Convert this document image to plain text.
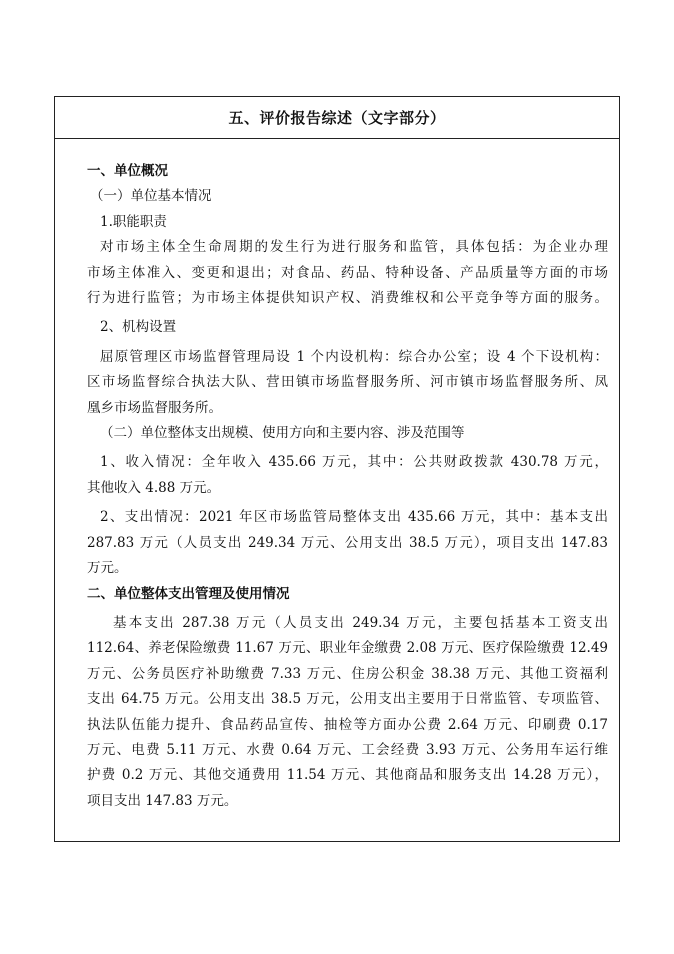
五、评价报告综述（文字部分）
一、单位概况
（一）单位基本情况
1.职能职责
对市场主体全生命周期的发生行为进行服务和监管，具体包括：为企业办理
市场主体准入、变更和退出；对食品、药品、特种设备、产品质量等方面的市场
行为进行监管；为市场主体提供知识产权、消费维权和公平竞争等方面的服务。
2、机构设置
屈原管理区市场监督管理局设 1 个内设机构：综合办公室；设 4 个下设机构：
区市场监督综合执法大队、营田镇市场监督服务所、河市镇市场监督服务所、凤
凰乡市场监督服务所。
（二）单位整体支出规模、使用方向和主要内容、涉及范围等
1、收入情况：全年收入 435.66 万元，其中：公共财政拨款 430.78 万元，
其他收入 4.88 万元。
2、支出情况：2021 年区市场监管局整体支出 435.66 万元，其中：基本支出
287.83 万元（人员支出 249.34 万元、公用支出 38.5 万元），项目支出 147.83
万元。
二、单位整体支出管理及使用情况
基本支出 287.38 万元（人员支出 249.34 万元，主要包括基本工资支出
112.64、养老保险缴费 11.67 万元、职业年金缴费 2.08 万元、医疗保险缴费 12.49
万元、公务员医疗补助缴费 7.33 万元、住房公积金 38.38 万元、其他工资福利
支出 64.75 万元。公用支出 38.5 万元，公用支出主要用于日常监管、专项监管、
执法队伍能力提升、食品药品宣传、抽检等方面办公费 2.64 万元、印刷费 0.17
万元、电费 5.11 万元、水费 0.64 万元、工会经费 3.93 万元、公务用车运行维
护费 0.2 万元、其他交通费用 11.54 万元、其他商品和服务支出 14.28 万元），
项目支出 147.83 万元。
